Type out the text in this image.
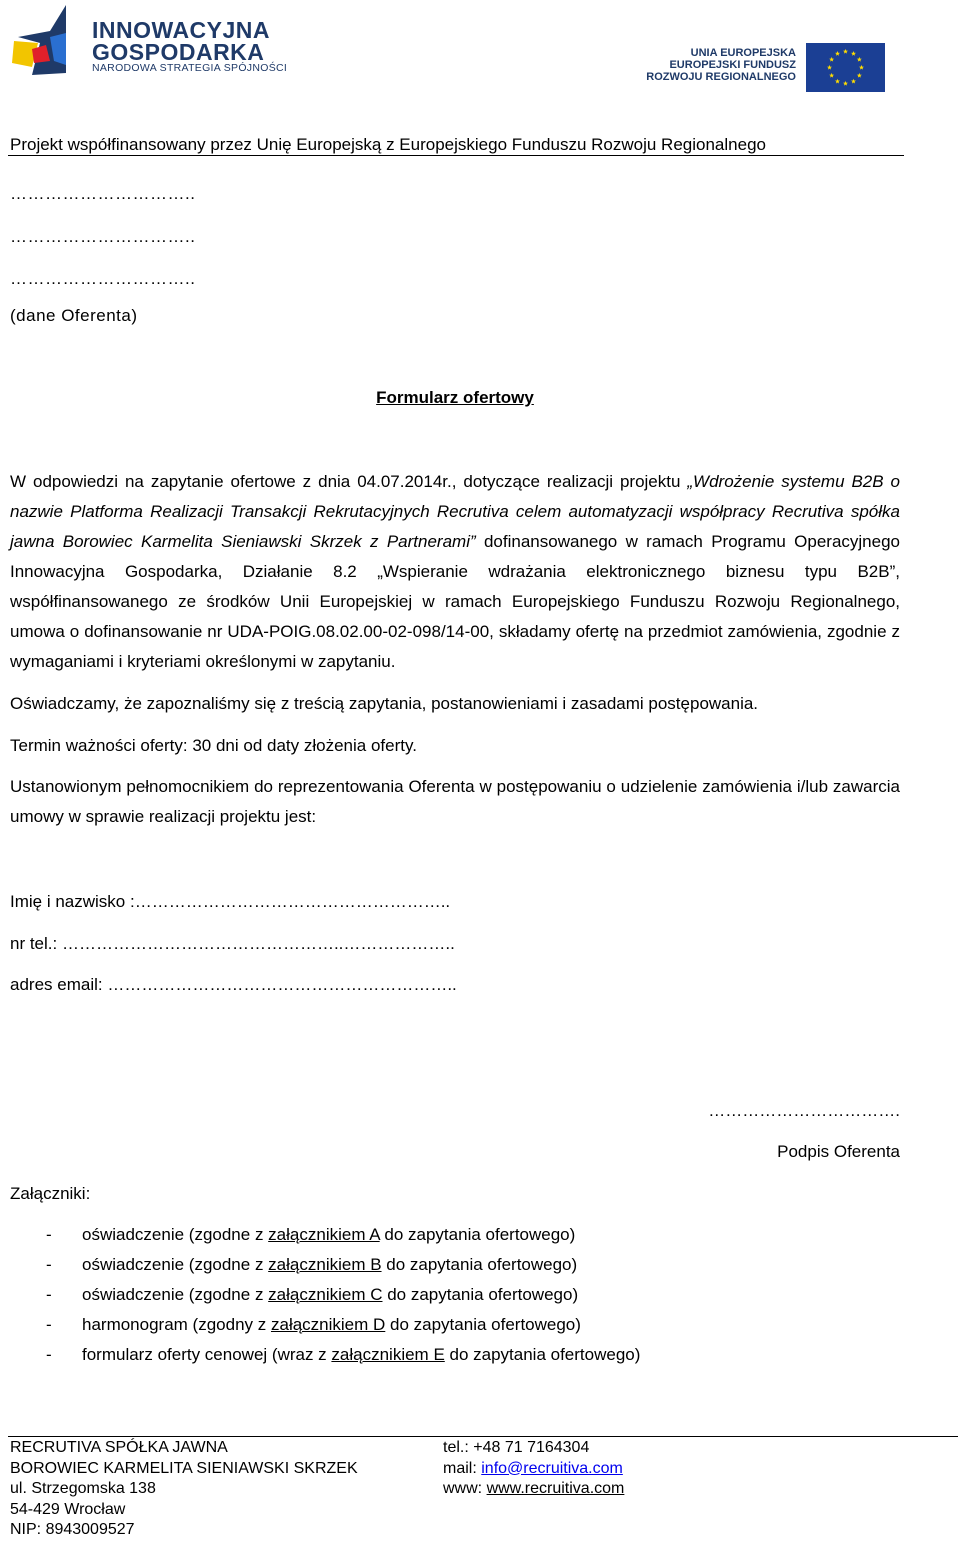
INNOWACYJNA
GOSPODARKA
NARODOWA STRATEGIA SPÓJNOŚCI
UNIA EUROPEJSKA
EUROPEJSKI FUNDUSZ
ROZWOJU REGIONALNEGO
Projekt współfinansowany przez Unię Europejską z Europejskiego Funduszu Rozwoju Regionalnego
…………………………..
…………………………..
…………………………..
(dane Oferenta)
Formularz ofertowy
W odpowiedzi na zapytanie ofertowe z dnia 04.07.2014r., dotyczące realizacji projektu „Wdrożenie systemu B2B o nazwie Platforma Realizacji Transakcji Rekrutacyjnych Recrutiva celem automatyzacji współpracy Recrutiva spółka jawna Borowiec Karmelita Sieniawski Skrzek z Partnerami” dofinansowanego w ramach Programu Operacyjnego Innowacyjna Gospodarka, Działanie 8.2 „Wspieranie wdrażania elektronicznego biznesu typu B2B”, współfinansowanego ze środków Unii Europejskiej w ramach Europejskiego Funduszu Rozwoju Regionalnego, umowa o dofinansowanie nr UDA-POIG.08.02.00-02-098/14-00, składamy ofertę na przedmiot zamówienia, zgodnie z wymaganiami i kryteriami określonymi w zapytaniu.
Oświadczamy, że zapoznaliśmy się z treścią zapytania, postanowieniami i zasadami postępowania.
Termin ważności oferty: 30 dni od daty złożenia oferty.
Ustanowionym pełnomocnikiem do reprezentowania Oferenta w postępowaniu o udzielenie zamówienia i/lub zawarcia umowy w sprawie realizacji projektu jest:
Imię i nazwisko :………………………………………………..
nr tel.: …………………………………………..………………..
adres email: ……………………………………………………..
…………………………….
Podpis Oferenta
Załączniki:
- oświadczenie (zgodne z załącznikiem A do zapytania ofertowego)
- oświadczenie (zgodne z załącznikiem B do zapytania ofertowego)
- oświadczenie (zgodne z załącznikiem C do zapytania ofertowego)
- harmonogram (zgodny z załącznikiem D do zapytania ofertowego)
- formularz oferty cenowej (wraz z załącznikiem E do zapytania ofertowego)
RECRUTIVA SPÓŁKA JAWNA
BOROWIEC KARMELITA SIENIAWSKI SKRZEK
ul. Strzegomska 138
54-429 Wrocław
NIP: 8943009527
tel.: +48 71 7164304
mail: info@recruitiva.com
www: www.recruitiva.com
